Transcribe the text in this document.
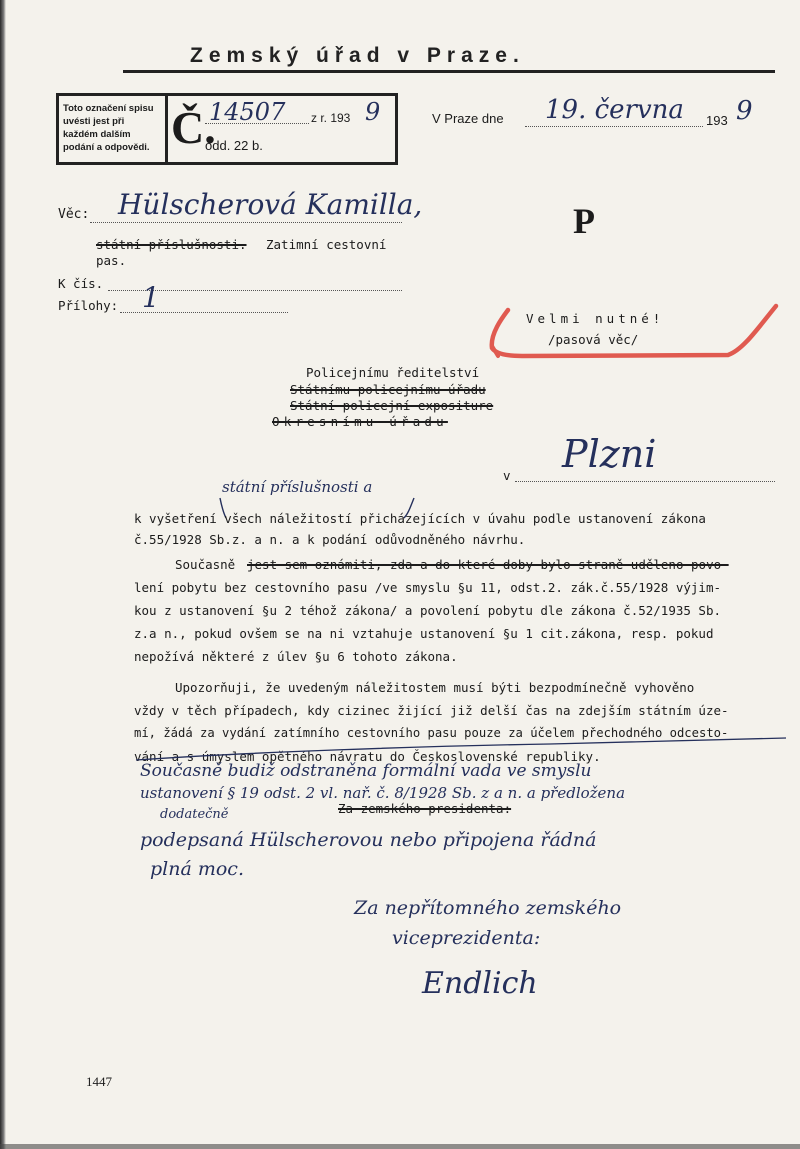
Zemský úřad v Praze.
Toto označení spisu uvésti jest při každém dalším podání a odpovědi. Č.
14507 z r. 193 9
odd. 22 b.
V Praze dne 19. června 193 9
Věc: Hülscherová Kamilla,
státní příslušnosti. Zatimní cestovní
pas.
K čís.
Přílohy: 1
P
Velmi nutné!
/pasová věc/
Policejnímu ředitelství
Státnímu policejnímu úřadu
Státní policejní expositure
Okresnímu úřadu
v Plzni
státní příslušnosti a
k vyšetření všech náležitostí přicházejících v úvahu podle ustanovení zákona
č.55/1928 Sb.z. a n. a k podání odůvodněného návrhu.
Současně jest sem oznámiti, zda a do které doby bylo straně uděleno povo-
lení pobytu bez cestovního pasu /ve smyslu §u 11, odst.2. zák.č.55/1928 výjim-
kou z ustanovení §u 2 téhož zákona/ a povolení pobytu dle zákona č.52/1935 Sb.
z.a n., pokud ovšem se na ni vztahuje ustanovení §u 1 cit.zákona, resp. pokud
nepožívá některé z úlev §u 6 tohoto zákona.
Upozorňuji, že uvedeným náležitostem musí býti bezpodmínečně vyhověno
vždy v těch případech, kdy cizinec žijící již delší čas na zdejším státním úze-
mí, žádá za vydání zatímního cestovního pasu pouze za účelem přechodného odcesto-
vání a s úmyslem opětného návratu do Československé republiky.
Současně budiž odstraněna formální vada ve smyslu
ustanovení § 19 odst. 2 vl. nař. č. 8/1928 Sb. z a n. a předložena
Za zemského presidenta:
dodatečně
podepsaná Hülscherovou nebo připojena řádná
plná moc.
Za nepřítomného zemského
viceprezidenta:
Endlich
1447
